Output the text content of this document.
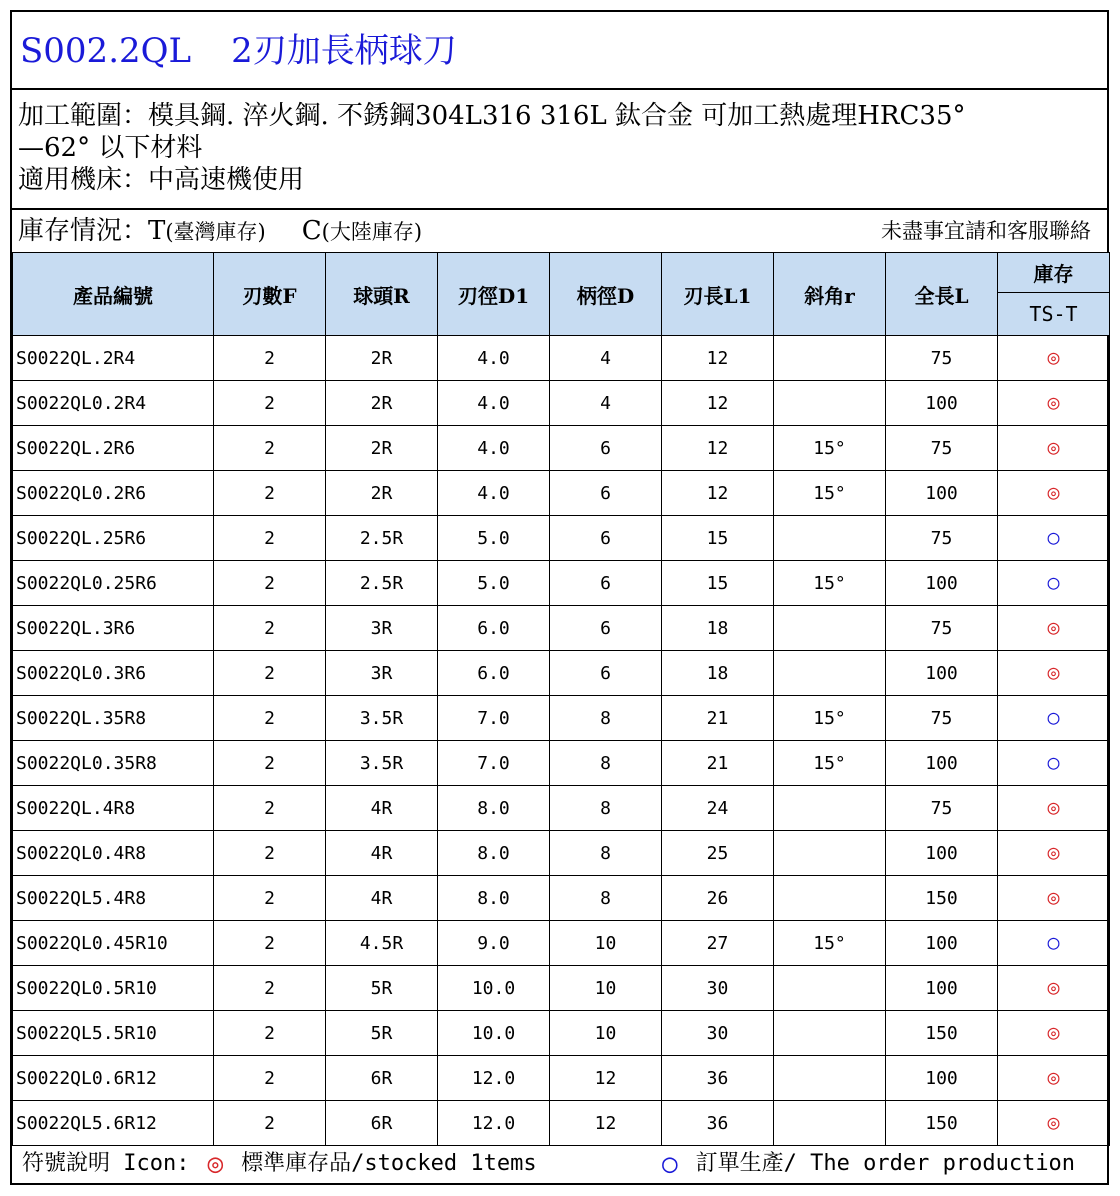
S002.2QL 2刃加長柄球刀
加工範圍：模具鋼. 淬火鋼. 不銹鋼304L316 316L 鈦合金 可加工熱處理HRC35°
—62° 以下材料
適用機床：中高速機使用
庫存情況：T(臺灣庫存) C(大陸庫存)	未盡事宜請和客服聯絡
產品編號	刃數F	球頭R	刃徑D1	柄徑D	刃長L1	斜角r	全長L	庫存
								TS-T
S0022QL.2R4	2	2R	4.0	4	12		75	◎
S0022QL0.2R4	2	2R	4.0	4	12		100	◎
S0022QL.2R6	2	2R	4.0	6	12	15°	75	◎
S0022QL0.2R6	2	2R	4.0	6	12	15°	100	◎
S0022QL.25R6	2	2.5R	5.0	6	15		75	○
S0022QL0.25R6	2	2.5R	5.0	6	15	15°	100	○
S0022QL.3R6	2	3R	6.0	6	18		75	◎
S0022QL0.3R6	2	3R	6.0	6	18		100	◎
S0022QL.35R8	2	3.5R	7.0	8	21	15°	75	○
S0022QL0.35R8	2	3.5R	7.0	8	21	15°	100	○
S0022QL.4R8	2	4R	8.0	8	24		75	◎
S0022QL0.4R8	2	4R	8.0	8	25		100	◎
S0022QL5.4R8	2	4R	8.0	8	26		150	◎
S0022QL0.45R10	2	4.5R	9.0	10	27	15°	100	○
S0022QL0.5R10	2	5R	10.0	10	30		100	◎
S0022QL5.5R10	2	5R	10.0	10	30		150	◎
S0022QL0.6R12	2	6R	12.0	12	36		100	◎
S0022QL5.6R12	2	6R	12.0	12	36		150	◎
符號說明 Icon: ◎ 標準庫存品/stocked 1tems	○ 訂單生產/ The order production
